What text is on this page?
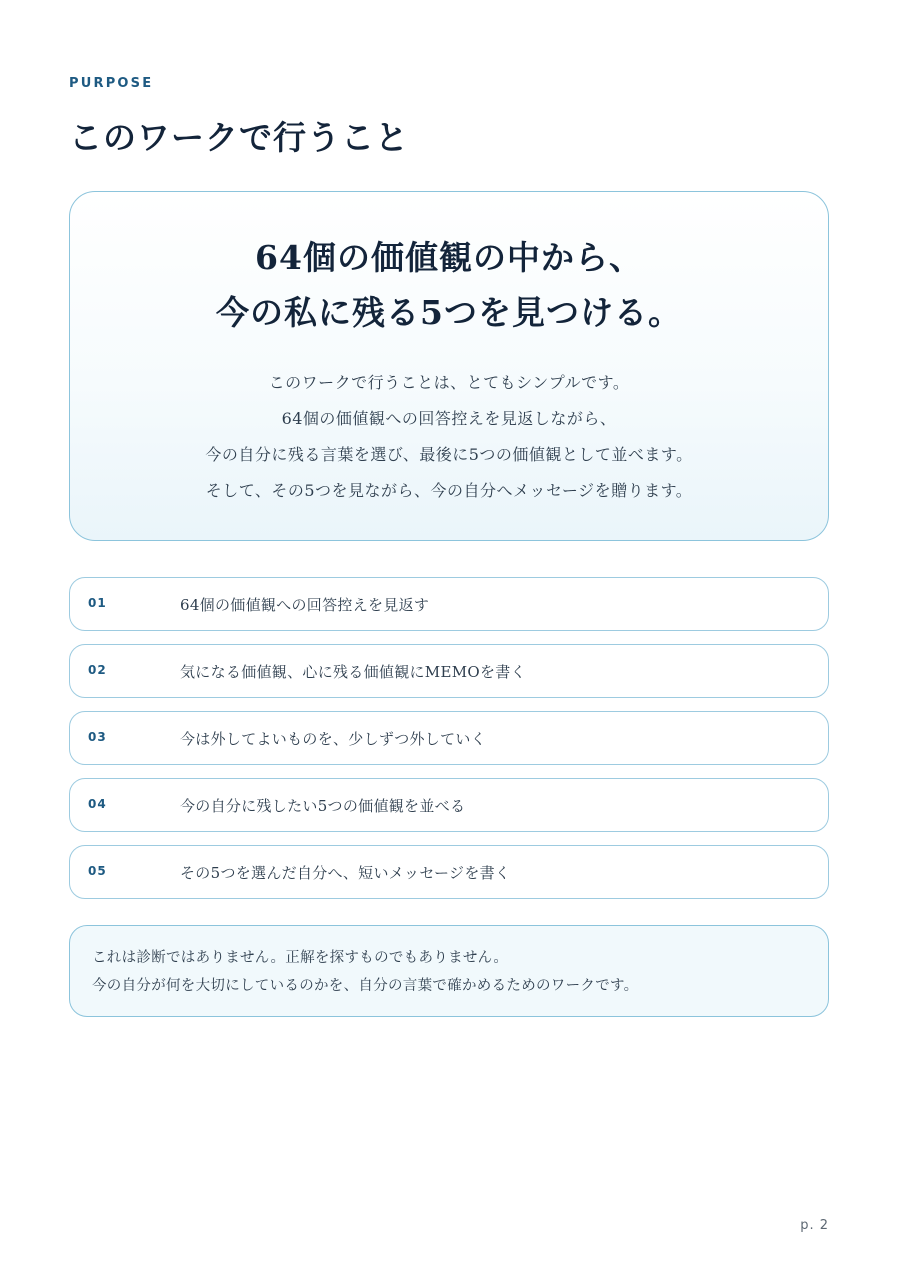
PURPOSE
このワークで行うこと
64個の価値観の中から、
今の私に残る5つを見つける。
このワークで行うことは、とてもシンプルです。
64個の価値観への回答控えを見返しながら、
今の自分に残る言葉を選び、最後に5つの価値観として並べます。
そして、その5つを見ながら、今の自分へメッセージを贈ります。
01	64個の価値観への回答控えを見返す
02	気になる価値観、心に残る価値観にMEMOを書く
03	今は外してよいものを、少しずつ外していく
04	今の自分に残したい5つの価値観を並べる
05	その5つを選んだ自分へ、短いメッセージを書く
これは診断ではありません。正解を探すものでもありません。
今の自分が何を大切にしているのかを、自分の言葉で確かめるためのワークです。
p. 2
